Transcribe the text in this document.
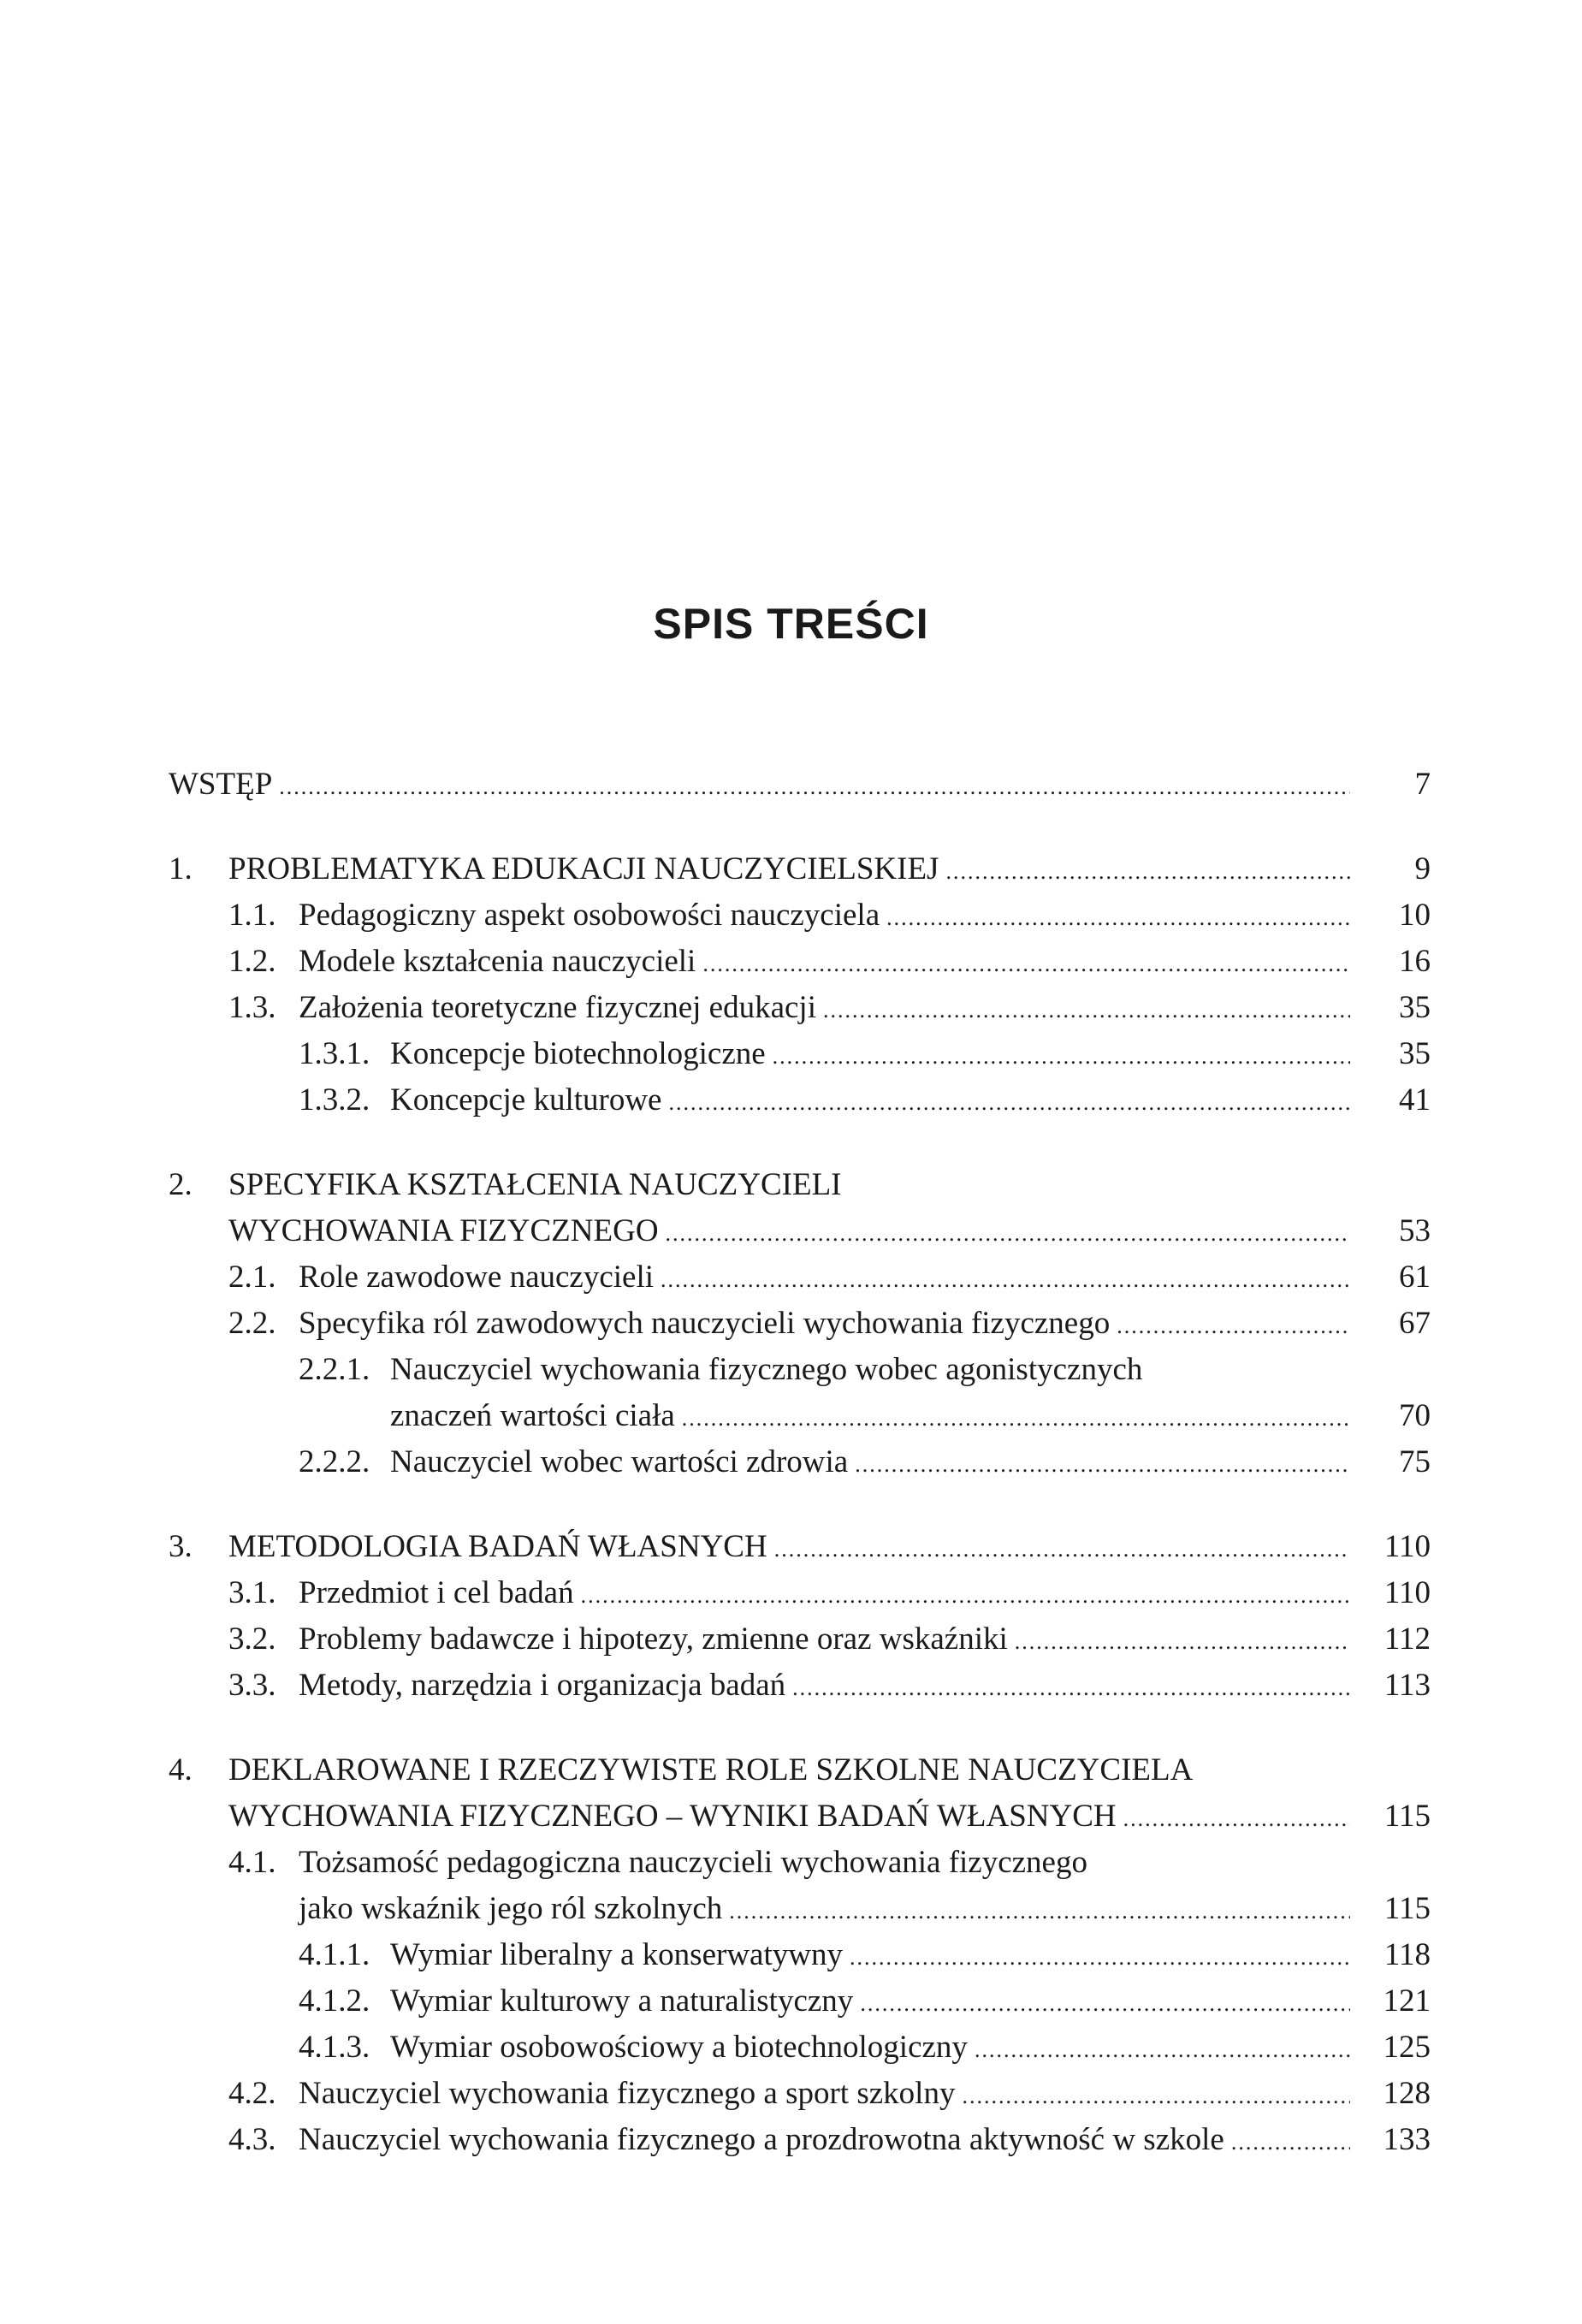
SPIS TREŚCI
WSTĘP .....	7
1. PROBLEMATYKA EDUKACJI NAUCZYCIELSKIEJ .....	9
1.1. Pedagogiczny aspekt osobowości nauczyciela .....	10
1.2. Modele kształcenia nauczycieli .....	16
1.3. Założenia teoretyczne fizycznej edukacji .....	35
1.3.1. Koncepcje biotechnologiczne .....	35
1.3.2. Koncepcje kulturowe .....	41
2. SPECYFIKA KSZTAŁCENIA NAUCZYCIELI
WYCHOWANIA FIZYCZNEGO .....	53
2.1. Role zawodowe nauczycieli .....	61
2.2. Specyfika ról zawodowych nauczycieli wychowania fizycznego .....	67
2.2.1. Nauczyciel wychowania fizycznego wobec agonistycznych
znaczeń wartości ciała .....	70
2.2.2. Nauczyciel wobec wartości zdrowia .....	75
3. METODOLOGIA BADAŃ WŁASNYCH .....	110
3.1. Przedmiot i cel badań .....	110
3.2. Problemy badawcze i hipotezy, zmienne oraz wskaźniki .....	112
3.3. Metody, narzędzia i organizacja badań .....	113
4. DEKLAROWANE I RZECZYWISTE ROLE SZKOLNE NAUCZYCIELA
WYCHOWANIA FIZYCZNEGO – WYNIKI BADAŃ WŁASNYCH .....	115
4.1. Tożsamość pedagogiczna nauczycieli wychowania fizycznego
jako wskaźnik jego ról szkolnych .....	115
4.1.1. Wymiar liberalny a konserwatywny .....	118
4.1.2. Wymiar kulturowy a naturalistyczny .....	121
4.1.3. Wymiar osobowościowy a biotechnologiczny .....	125
4.2. Nauczyciel wychowania fizycznego a sport szkolny .....	128
4.3. Nauczyciel wychowania fizycznego a prozdrowotna aktywność w szkole .....	133
